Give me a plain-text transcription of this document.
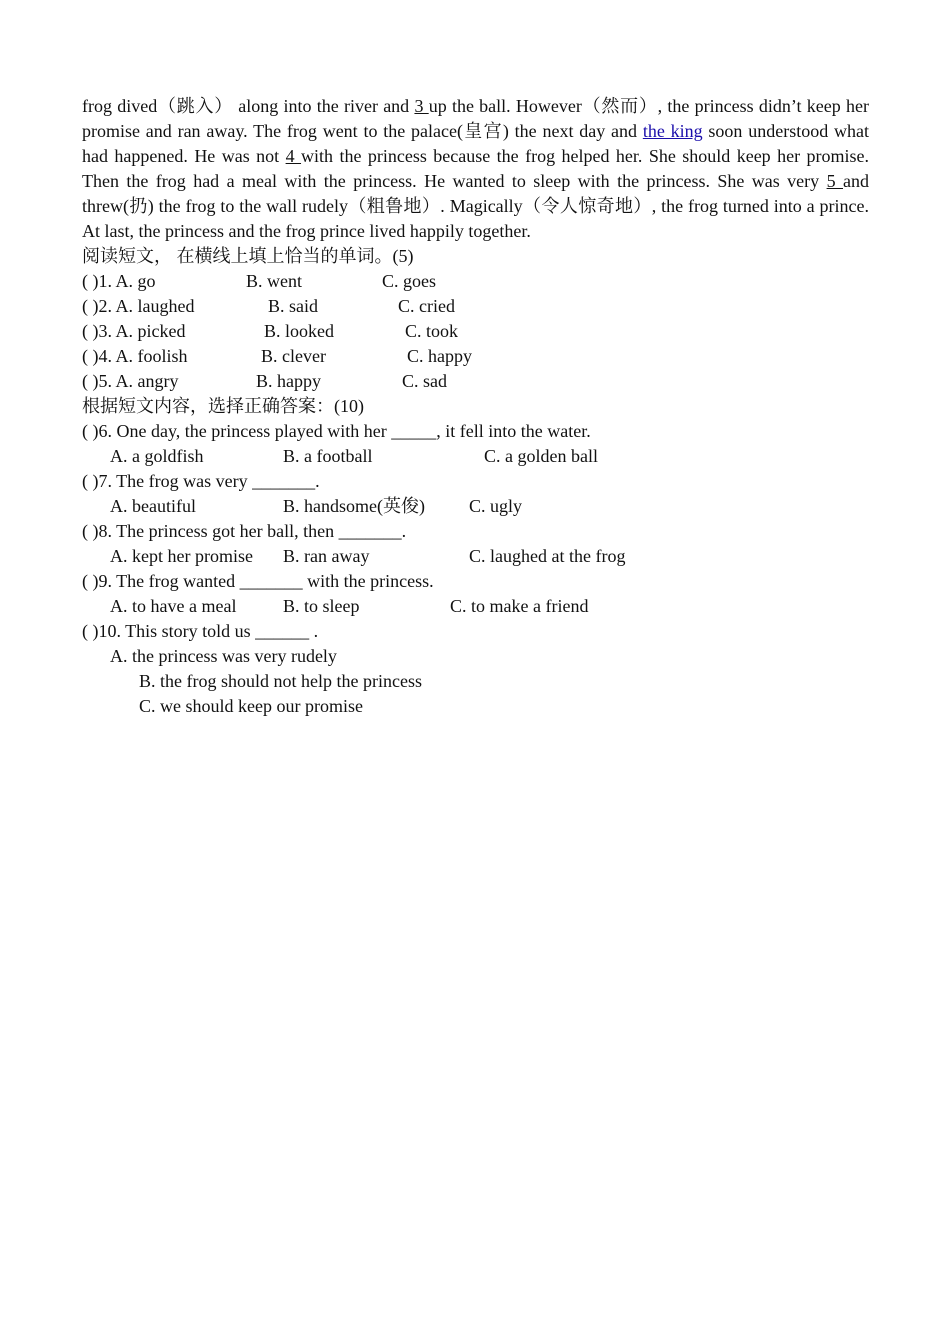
frog dived（跳入） along into the river and 3 up the ball. However（然而）, the princess didn’t keep her promise and ran away. The frog went to the palace(皇宫) the next day and the king soon understood what had happened. He was not 4 with the princess because the frog helped her. She should keep her promise. Then the frog had a meal with the princess. He wanted to sleep with the princess. She was very 5 and threw(扔) the frog to the wall rudely（粗鲁地）. Magically（令人惊奇地）, the frog turned into a prince. At last, the princess and the frog prince lived happily together.

阅读短文， 在横线上填上恰当的单词。(5)
( )1. A. go	B. went	C. goes
( )2. A. laughed	B. said	C. cried
( )3. A. picked	B. looked	C. took
( )4. A. foolish	B. clever	C. happy
( )5. A. angry	B. happy	C. sad
根据短文内容，选择正确答案：(10)
( )6. One day, the princess played with her _____, it fell into the water.
A. a goldfish	B. a football	C. a golden ball
( )7. The frog was very _______.
A. beautiful	B. handsome(英俊) C. ugly
( )8. The princess got her ball, then _______.
A. kept her promise B. ran away	C. laughed at the frog
( )9. The frog wanted _______ with the princess.
A. to have a meal	B. to sleep	C. to make a friend
( )10. This story told us ______ .
A. the princess was very rudely
B. the frog should not help the princess
C. we should keep our promise
